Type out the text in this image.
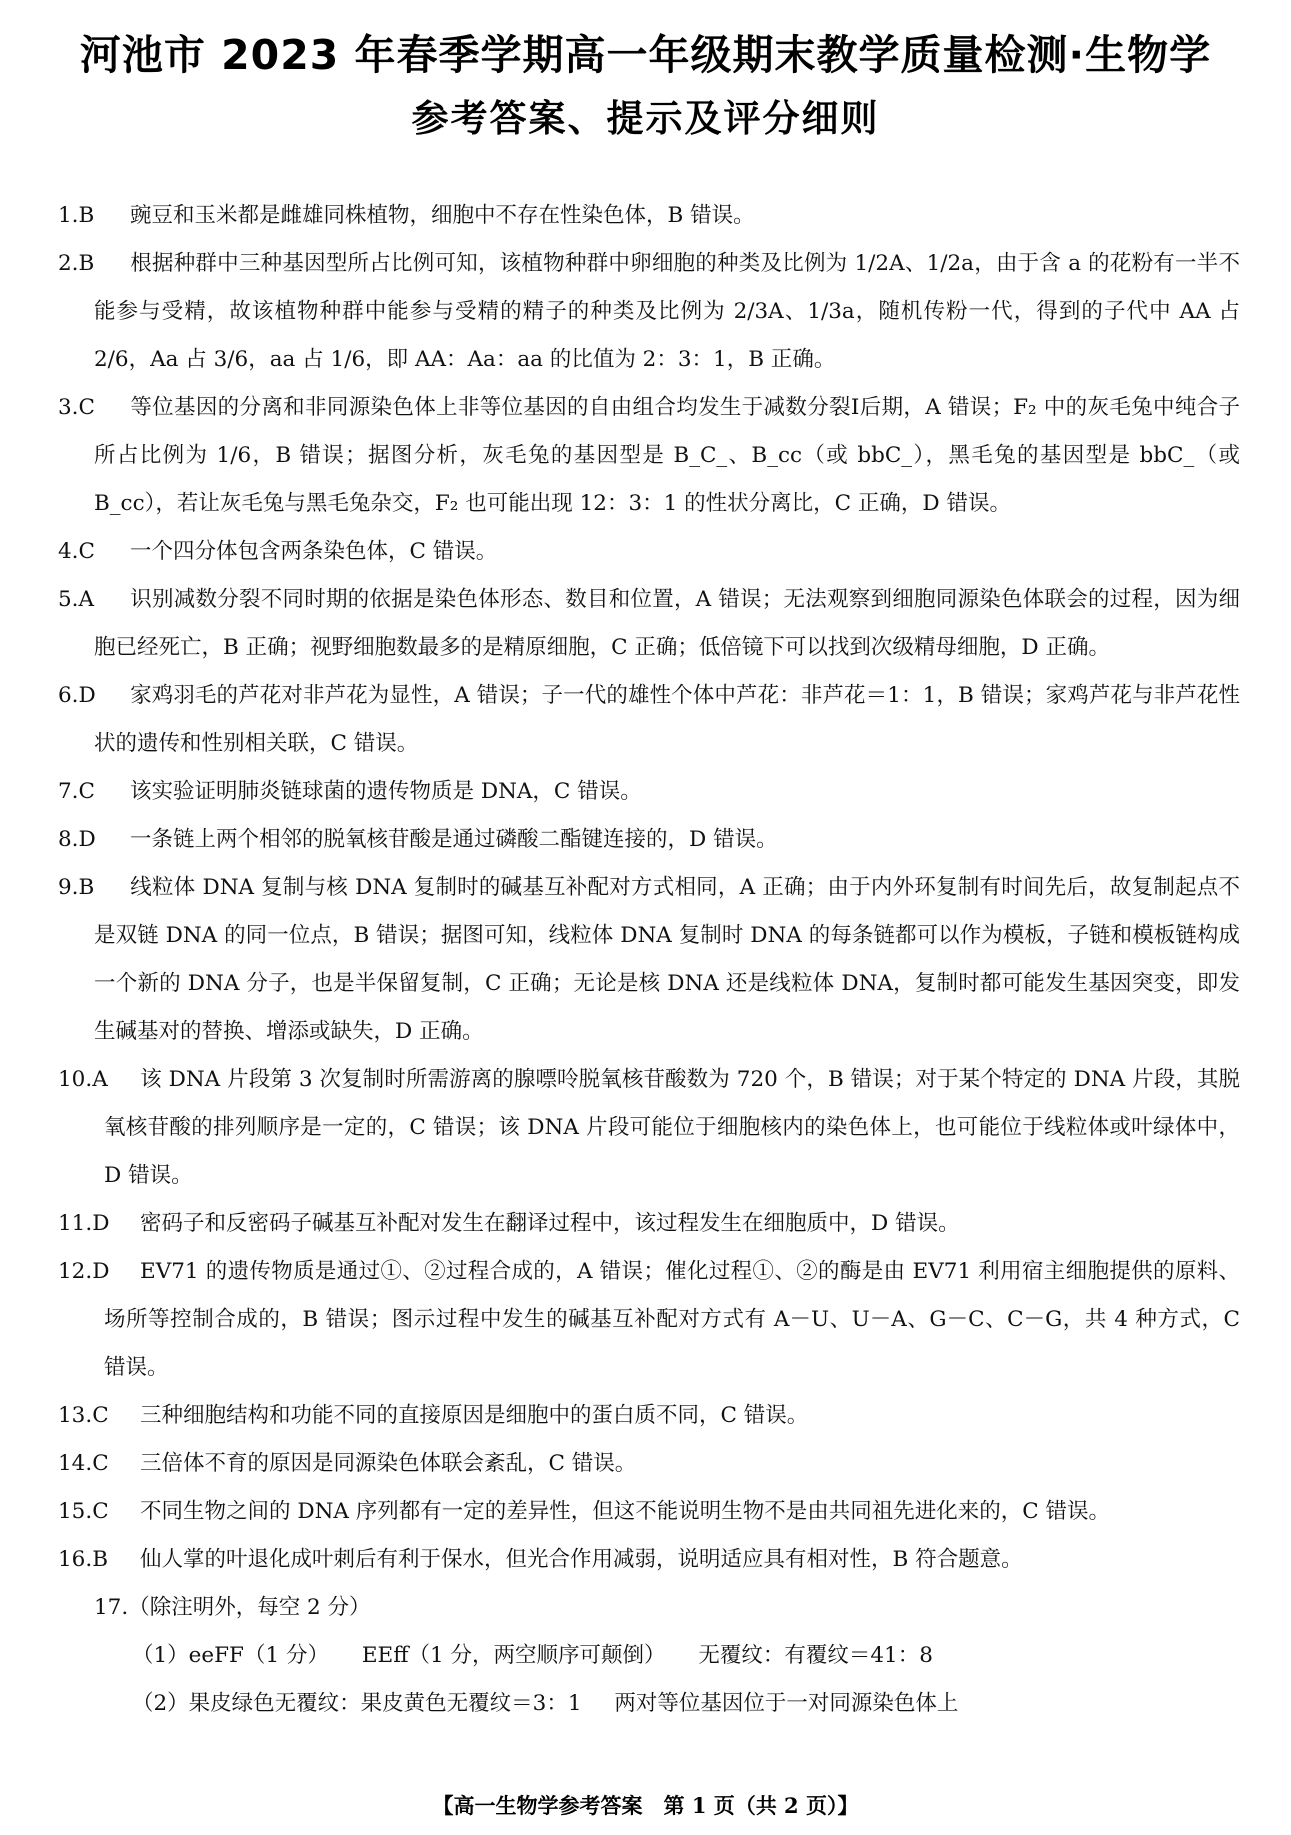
河池市 2023 年春季学期高一年级期末教学质量检测·生物学
参考答案、提示及评分细则
1.B	豌豆和玉米都是雌雄同株植物，细胞中不存在性染色体，B 错误。
2.B	根据种群中三种基因型所占比例可知，该植物种群中卵细胞的种类及比例为 1/2A、1/2a，由于含 a 的花粉有一半不能参与受精，故该植物种群中能参与受精的精子的种类及比例为 2/3A、1/3a，随机传粉一代，得到的子代中 AA 占 2/6，Aa 占 3/6，aa 占 1/6，即 AA：Aa：aa 的比值为 2：3：1，B 正确。
3.C	等位基因的分离和非同源染色体上非等位基因的自由组合均发生于减数分裂Ⅰ后期，A 错误；F₂ 中的灰毛兔中纯合子所占比例为 1/6，B 错误；据图分析，灰毛兔的基因型是 B_C_、B_cc（或 bbC_），黑毛兔的基因型是 bbC_（或 B_cc），若让灰毛兔与黑毛兔杂交，F₂ 也可能出现 12：3：1 的性状分离比，C 正确，D 错误。
4.C	一个四分体包含两条染色体，C 错误。
5.A	识别减数分裂不同时期的依据是染色体形态、数目和位置，A 错误；无法观察到细胞同源染色体联会的过程，因为细胞已经死亡，B 正确；视野细胞数最多的是精原细胞，C 正确；低倍镜下可以找到次级精母细胞，D 正确。
6.D	家鸡羽毛的芦花对非芦花为显性，A 错误；子一代的雄性个体中芦花：非芦花＝1：1，B 错误；家鸡芦花与非芦花性状的遗传和性别相关联，C 错误。
7.C	该实验证明肺炎链球菌的遗传物质是 DNA，C 错误。
8.D	一条链上两个相邻的脱氧核苷酸是通过磷酸二酯键连接的，D 错误。
9.B	线粒体 DNA 复制与核 DNA 复制时的碱基互补配对方式相同，A 正确；由于内外环复制有时间先后，故复制起点不是双链 DNA 的同一位点，B 错误；据图可知，线粒体 DNA 复制时 DNA 的每条链都可以作为模板，子链和模板链构成一个新的 DNA 分子，也是半保留复制，C 正确；无论是核 DNA 还是线粒体 DNA，复制时都可能发生基因突变，即发生碱基对的替换、增添或缺失，D 正确。
10.A	该 DNA 片段第 3 次复制时所需游离的腺嘌呤脱氧核苷酸数为 720 个，B 错误；对于某个特定的 DNA 片段，其脱氧核苷酸的排列顺序是一定的，C 错误；该 DNA 片段可能位于细胞核内的染色体上，也可能位于线粒体或叶绿体中，D 错误。
11.D	密码子和反密码子碱基互补配对发生在翻译过程中，该过程发生在细胞质中，D 错误。
12.D	EV71 的遗传物质是通过①、②过程合成的，A 错误；催化过程①、②的酶是由 EV71 利用宿主细胞提供的原料、场所等控制合成的，B 错误；图示过程中发生的碱基互补配对方式有 A－U、U－A、G－C、C－G，共 4 种方式，C 错误。
13.C	三种细胞结构和功能不同的直接原因是细胞中的蛋白质不同，C 错误。
14.C	三倍体不育的原因是同源染色体联会紊乱，C 错误。
15.C	不同生物之间的 DNA 序列都有一定的差异性，但这不能说明生物不是由共同祖先进化来的，C 错误。
16.B	仙人掌的叶退化成叶刺后有利于保水，但光合作用减弱，说明适应具有相对性，B 符合题意。
17.（除注明外，每空 2 分）
（1）eeFF（1 分） EEff（1 分，两空顺序可颠倒） 无覆纹：有覆纹＝41：8
（2）果皮绿色无覆纹：果皮黄色无覆纹＝3：1 两对等位基因位于一对同源染色体上
【高一生物学参考答案　第 1 页（共 2 页）】
